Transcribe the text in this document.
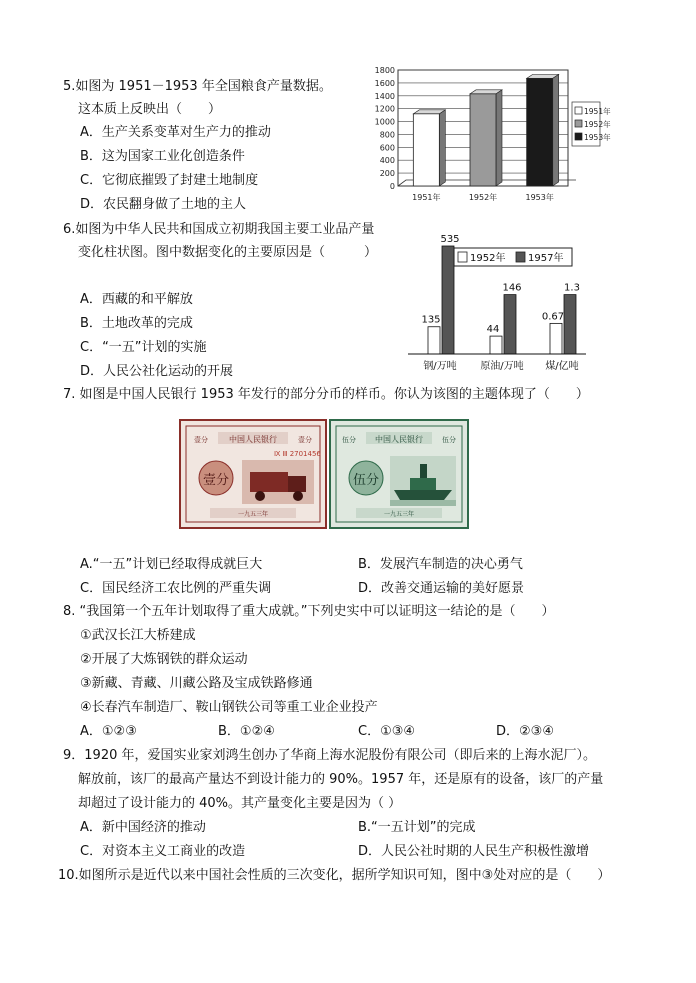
5.如图为 1951－1953 年全国粮食产量数据。
这本质上反映出（　　）
A．生产关系变革对生产力的推动
B．这为国家工业化创造条件
C．它彻底摧毁了封建土地制度
D．农民翻身做了土地的主人
0
200
400
600
800
1000
1200
1400
1600
1800
1951年	1952年	1953年
1951年
1952年
1953年
6.如图为中华人民共和国成立初期我国主要工业品产量
变化柱状图。图中数据变化的主要原因是（　　　）
A．西藏的和平解放
B．土地改革的完成
C．“一五”计划的实施
D．人民公社化运动的开展
1952年 1957年
135
535
钢/万吨
44
146
原油/万吨
0.67
1.3
煤/亿吨
7. 如图是中国人民银行 1953 年发行的部分分币的样币。你认为该图的主题体现了（　　）
中国人民银行
壹分	壹分
Ⅸ Ⅲ 2701456
壹分
一九五三年
中国人民银行
伍分	伍分
伍分
一九五三年
A.“一五”计划已经取得成就巨大	B．发展汽车制造的决心勇气
C．国民经济工农比例的严重失调	D．改善交通运输的美好愿景
8. “我国第一个五年计划取得了重大成就。”下列史实中可以证明这一结论的是（　　）
①武汉长江大桥建成
②开展了大炼钢铁的群众运动
③新藏、青藏、川藏公路及宝成铁路修通
④长春汽车制造厂、鞍山钢铁公司等重工业企业投产
A．①②③	B．①②④	C．①③④	D．②③④
9．1920 年，爱国实业家刘鸿生创办了华商上海水泥股份有限公司（即后来的上海水泥厂）。
解放前，该厂的最高产量达不到设计能力的 90%。1957 年，还是原有的设备，该厂的产量
却超过了设计能力的 40%。其产量变化主要是因为（ ）
A．新中国经济的推动	B.“一五计划”的完成
C．对资本主义工商业的改造	D．人民公社时期的人民生产积极性激增
10.如图所示是近代以来中国社会性质的三次变化，据所学知识可知，图中③处对应的是（　　）
